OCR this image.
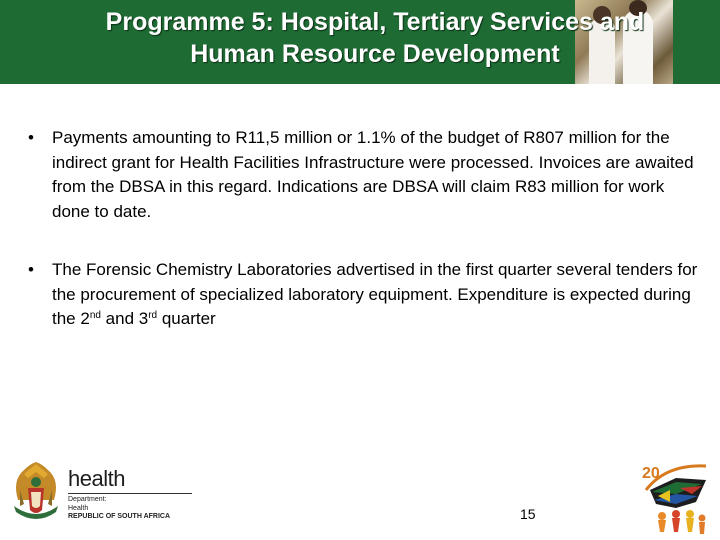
Programme 5: Hospital, Tertiary Services and
Human Resource Development
• Payments amounting to R11,5 million or 1.1% of the budget of R807 million for the indirect grant for Health Facilities Infrastructure were processed. Invoices are awaited from the DBSA in this regard. Indications are DBSA will claim R83 million for work done to date.
• The Forensic Chemistry Laboratories advertised in the first quarter several tenders for the procurement of specialized laboratory equipment. Expenditure is expected during the 2nd and 3rd quarter
health
Department:
Health
REPUBLIC OF SOUTH AFRICA	15
20
